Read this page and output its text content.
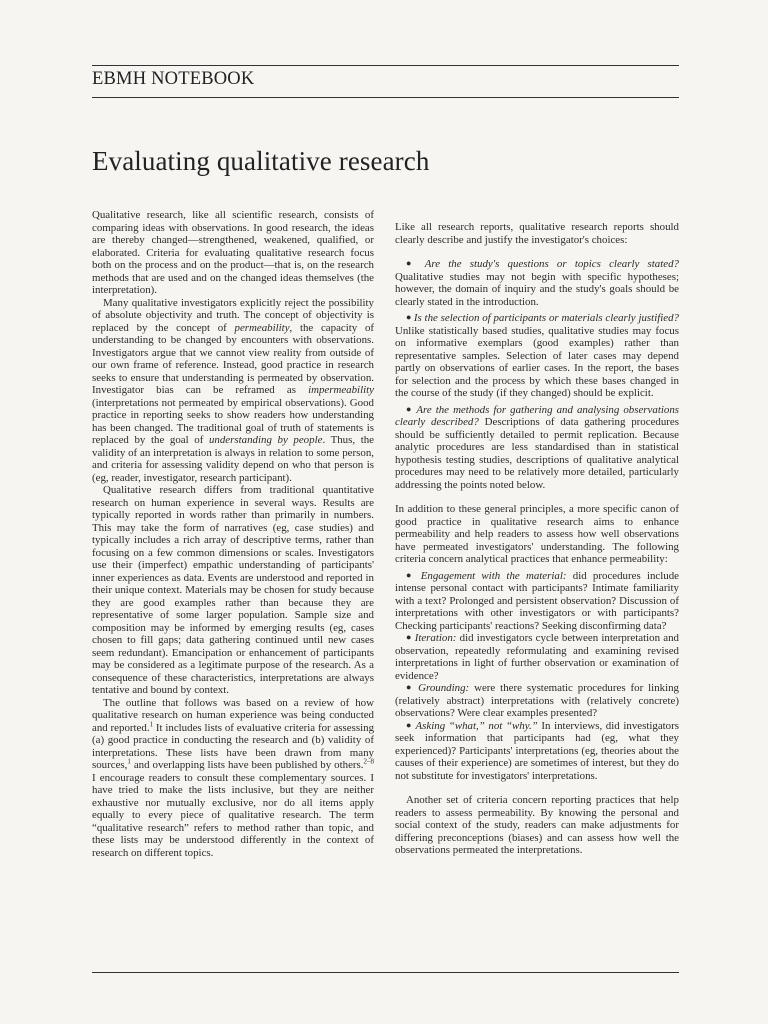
EBMH NOTEBOOK
Evaluating qualitative research

Qualitative research, like all scientific research, consists of comparing ideas with observations. In good research, the ideas are thereby changed—strengthened, weakened, qualified, or elaborated. Criteria for evaluating qualitative research focus both on the process and on the product—that is, on the research methods that are used and on the changed ideas themselves (the interpretation).

Many qualitative investigators explicitly reject the possibility of absolute objectivity and truth. The concept of objectivity is replaced by the concept of permeability, the capacity of understanding to be changed by encounters with observations. Investigators argue that we cannot view reality from outside of our own frame of reference. Instead, good practice in research seeks to ensure that understanding is permeated by observation. Investigator bias can be reframed as impermeability (interpretations not permeated by empirical observations). Good practice in reporting seeks to show readers how understanding has been changed. The traditional goal of truth of statements is replaced by the goal of understanding by people. Thus, the validity of an interpretation is always in relation to some person, and criteria for assessing validity depend on who that person is (eg, reader, investigator, research participant).

Qualitative research differs from traditional quantitative research on human experience in several ways. Results are typically reported in words rather than primarily in numbers. This may take the form of narratives (eg, case studies) and typically includes a rich array of descriptive terms, rather than focusing on a few common dimensions or scales. Investigators use their (imperfect) empathic understanding of participants' inner experiences as data. Events are understood and reported in their unique context. Materials may be chosen for study because they are good examples rather than because they are representative of some larger population. Sample size and composition may be informed by emerging results (eg, cases chosen to fill gaps; data gathering continued until new cases seem redundant). Emancipation or enhancement of participants may be considered as a legitimate purpose of the research. As a consequence of these characteristics, interpretations are always tentative and bound by context.

The outline that follows was based on a review of how qualitative research on human experience was being conducted and reported.$^1$ It includes lists of evaluative criteria for assessing (a) good practice in conducting the research and (b) validity of interpretations. These lists have been drawn from many sources,$^1$ and overlapping lists have been published by others.$^{2-8}$ I encourage readers to consult these complementary sources. I have tried to make the lists inclusive, but they are neither exhaustive nor mutually exclusive, nor do all items apply equally to every piece of qualitative research. The term “qualitative research” refers to method rather than topic, and these lists may be understood differently in the context of research on different topics.

Like all research reports, qualitative research reports should clearly describe and justify the investigator's choices:

● Are the study's questions or topics clearly stated? Qualitative studies may not begin with specific hypotheses; however, the domain of inquiry and the study's goals should be clearly stated in the introduction.

● Is the selection of participants or materials clearly justified? Unlike statistically based studies, qualitative studies may focus on informative exemplars (good examples) rather than representative samples. Selection of later cases may depend partly on observations of earlier cases. In the report, the bases for selection and the process by which these bases changed in the course of the study (if they changed) should be explicit.

● Are the methods for gathering and analysing observations clearly described? Descriptions of data gathering procedures should be sufficiently detailed to permit replication. Because analytic procedures are less standardised than in statistical hypothesis testing studies, descriptions of qualitative analytical procedures may need to be relatively more detailed, particularly addressing the points noted below.

In addition to these general principles, a more specific canon of good practice in qualitative research aims to enhance permeability and help readers to assess how well observations have permeated investigators' understanding. The following criteria concern analytical practices that enhance permeability:

● Engagement with the material: did procedures include intense personal contact with participants? Intimate familiarity with a text? Prolonged and persistent observation? Discussion of interpretations with other investigators or with participants? Checking participants' reactions? Seeking disconfirming data?

● Iteration: did investigators cycle between interpretation and observation, repeatedly reformulating and examining revised interpretations in light of further observation or examination of evidence?

● Grounding: were there systematic procedures for linking (relatively abstract) interpretations with (relatively concrete) observations? Were clear examples presented?

● Asking “what,” not “why.” In interviews, did investigators seek information that participants had (eg, what they experienced)? Participants' interpretations (eg, theories about the causes of their experience) are sometimes of interest, but they do not substitute for investigators' interpretations.

Another set of criteria concern reporting practices that help readers to assess permeability. By knowing the personal and social context of the study, readers can make adjustments for differing preconceptions (biases) and can assess how well the observations permeated the interpretations.
